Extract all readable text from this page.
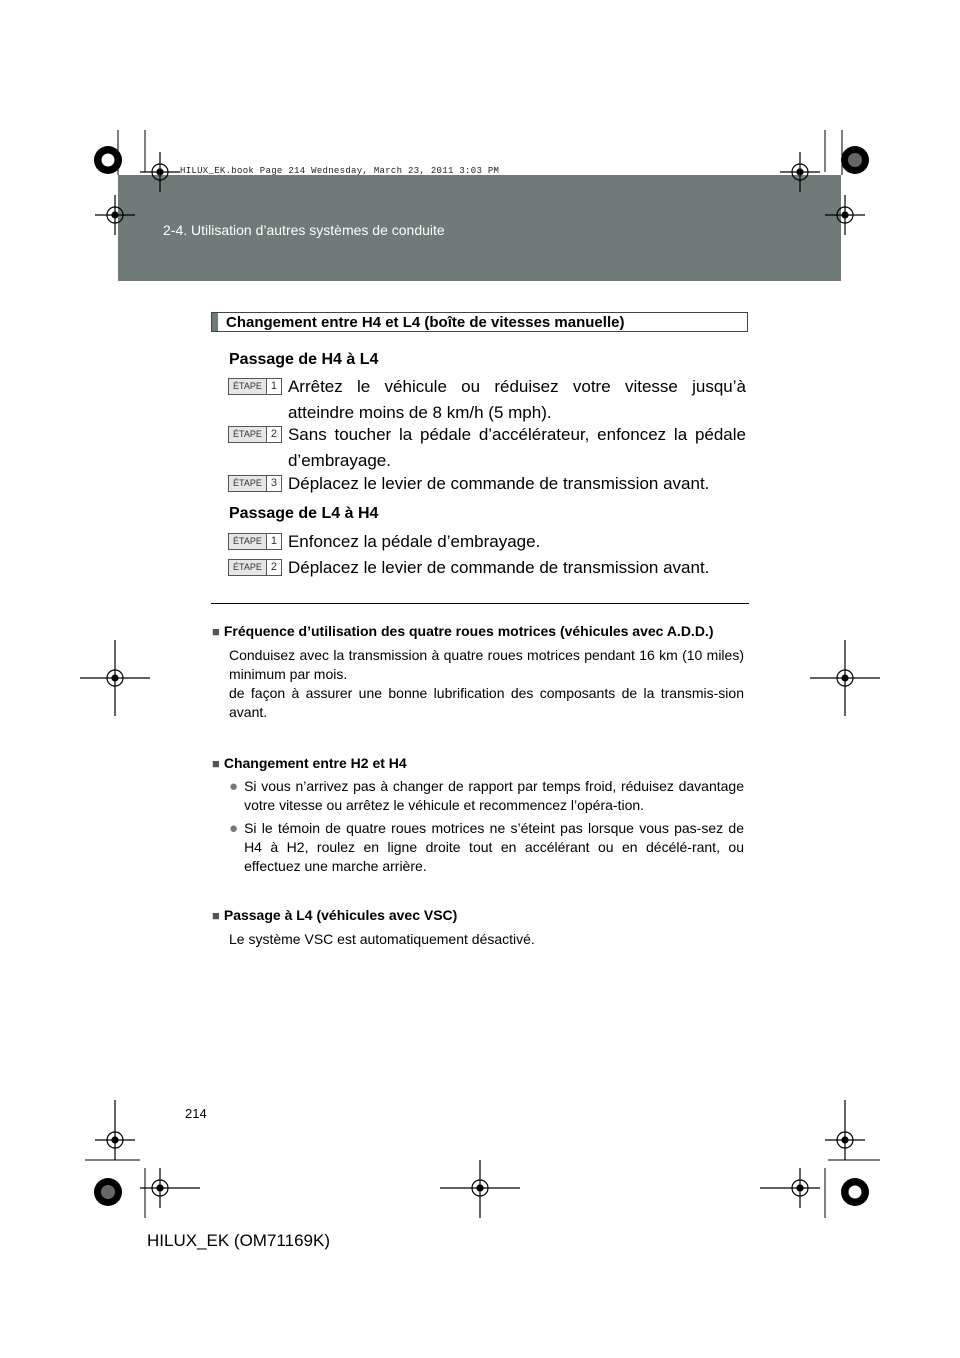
2-4. Utilisation d’autres systèmes de conduite
HILUX_EK.book Page 214 Wednesday, March 23, 2011 3:03 PM
Changement entre H4 et L4 (boîte de vitesses manuelle)
Passage de H4 à L4
ÉTAPE 1 Arrêtez le véhicule ou réduisez votre vitesse jusqu’à atteindre moins de 8 km/h (5 mph).
ÉTAPE 2 Sans toucher la pédale d’accélérateur, enfoncez la pédale d’embrayage.
ÉTAPE 3 Déplacez le levier de commande de transmission avant.
Passage de L4 à H4
ÉTAPE 1 Enfoncez la pédale d’embrayage.
ÉTAPE 2 Déplacez le levier de commande de transmission avant.
■ Fréquence d’utilisation des quatre roues motrices (véhicules avec A.D.D.)
Conduisez avec la transmission à quatre roues motrices pendant 16 km (10 miles) minimum par mois.
de façon à assurer une bonne lubrification des composants de la transmis-sion avant.
■ Changement entre H2 et H4
● Si vous n’arrivez pas à changer de rapport par temps froid, réduisez davantage votre vitesse ou arrêtez le véhicule et recommencez l’opéra-tion.
● Si le témoin de quatre roues motrices ne s’éteint pas lorsque vous pas-sez de H4 à H2, roulez en ligne droite tout en accélérant ou en décélé-rant, ou effectuez une marche arrière.
■ Passage à L4 (véhicules avec VSC)
Le système VSC est automatiquement désactivé.
214
HILUX_EK (OM71169K)
